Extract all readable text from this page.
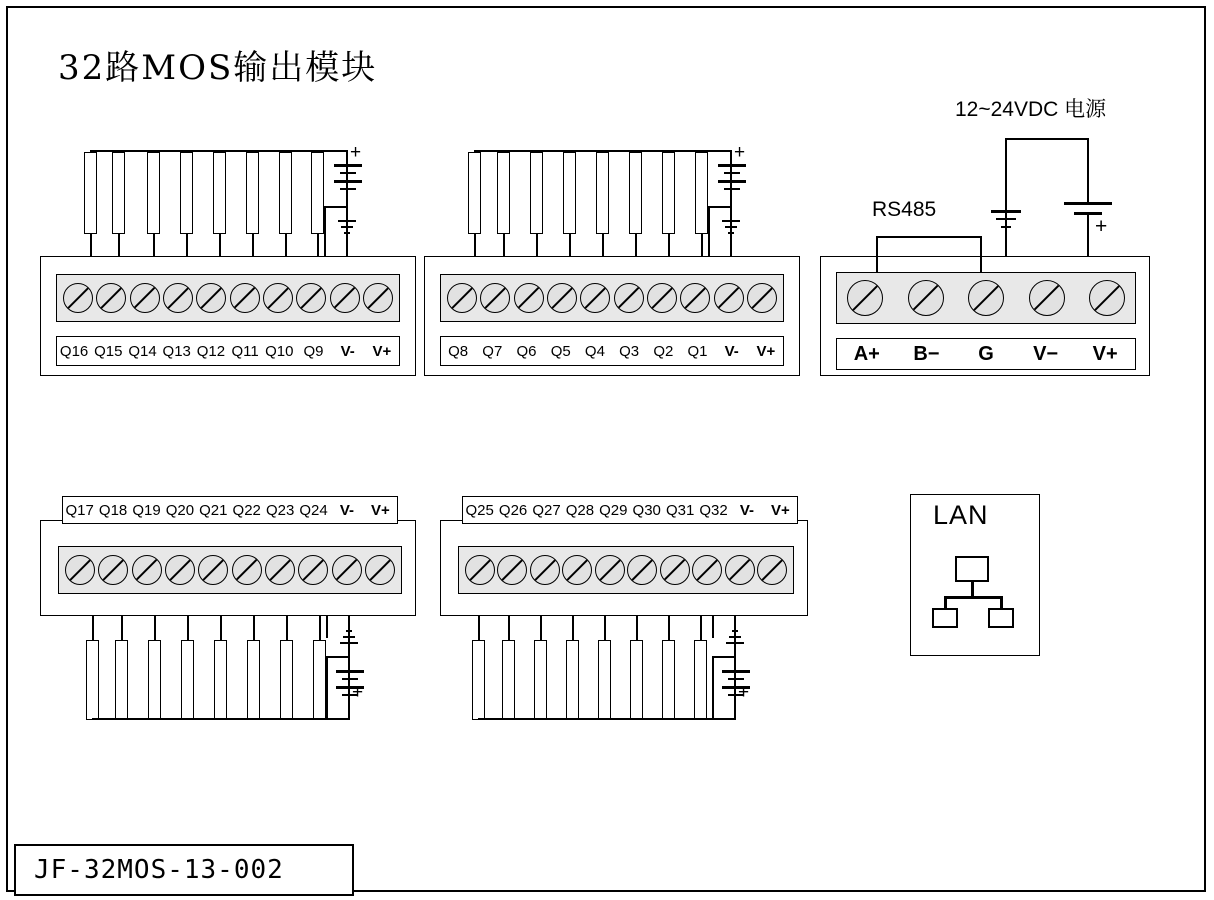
32路MOS输出模块
+
Q16 Q15 Q14 Q13 Q12 Q11 Q10 Q9	V-	V+
+
Q8 Q7 Q6 Q5 Q4 Q3 Q2 Q1	V-	V+
12~24VDC 电源
RS485
+
A+	B−	G	V−	V+
Q17 Q18 Q19 Q20 Q21 Q22 Q23 Q24 V-	V+
+
Q25 Q26 Q27 Q28 Q29 Q30 Q31 Q32 V-	V+
+
LAN
JF-32MOS-13-002
